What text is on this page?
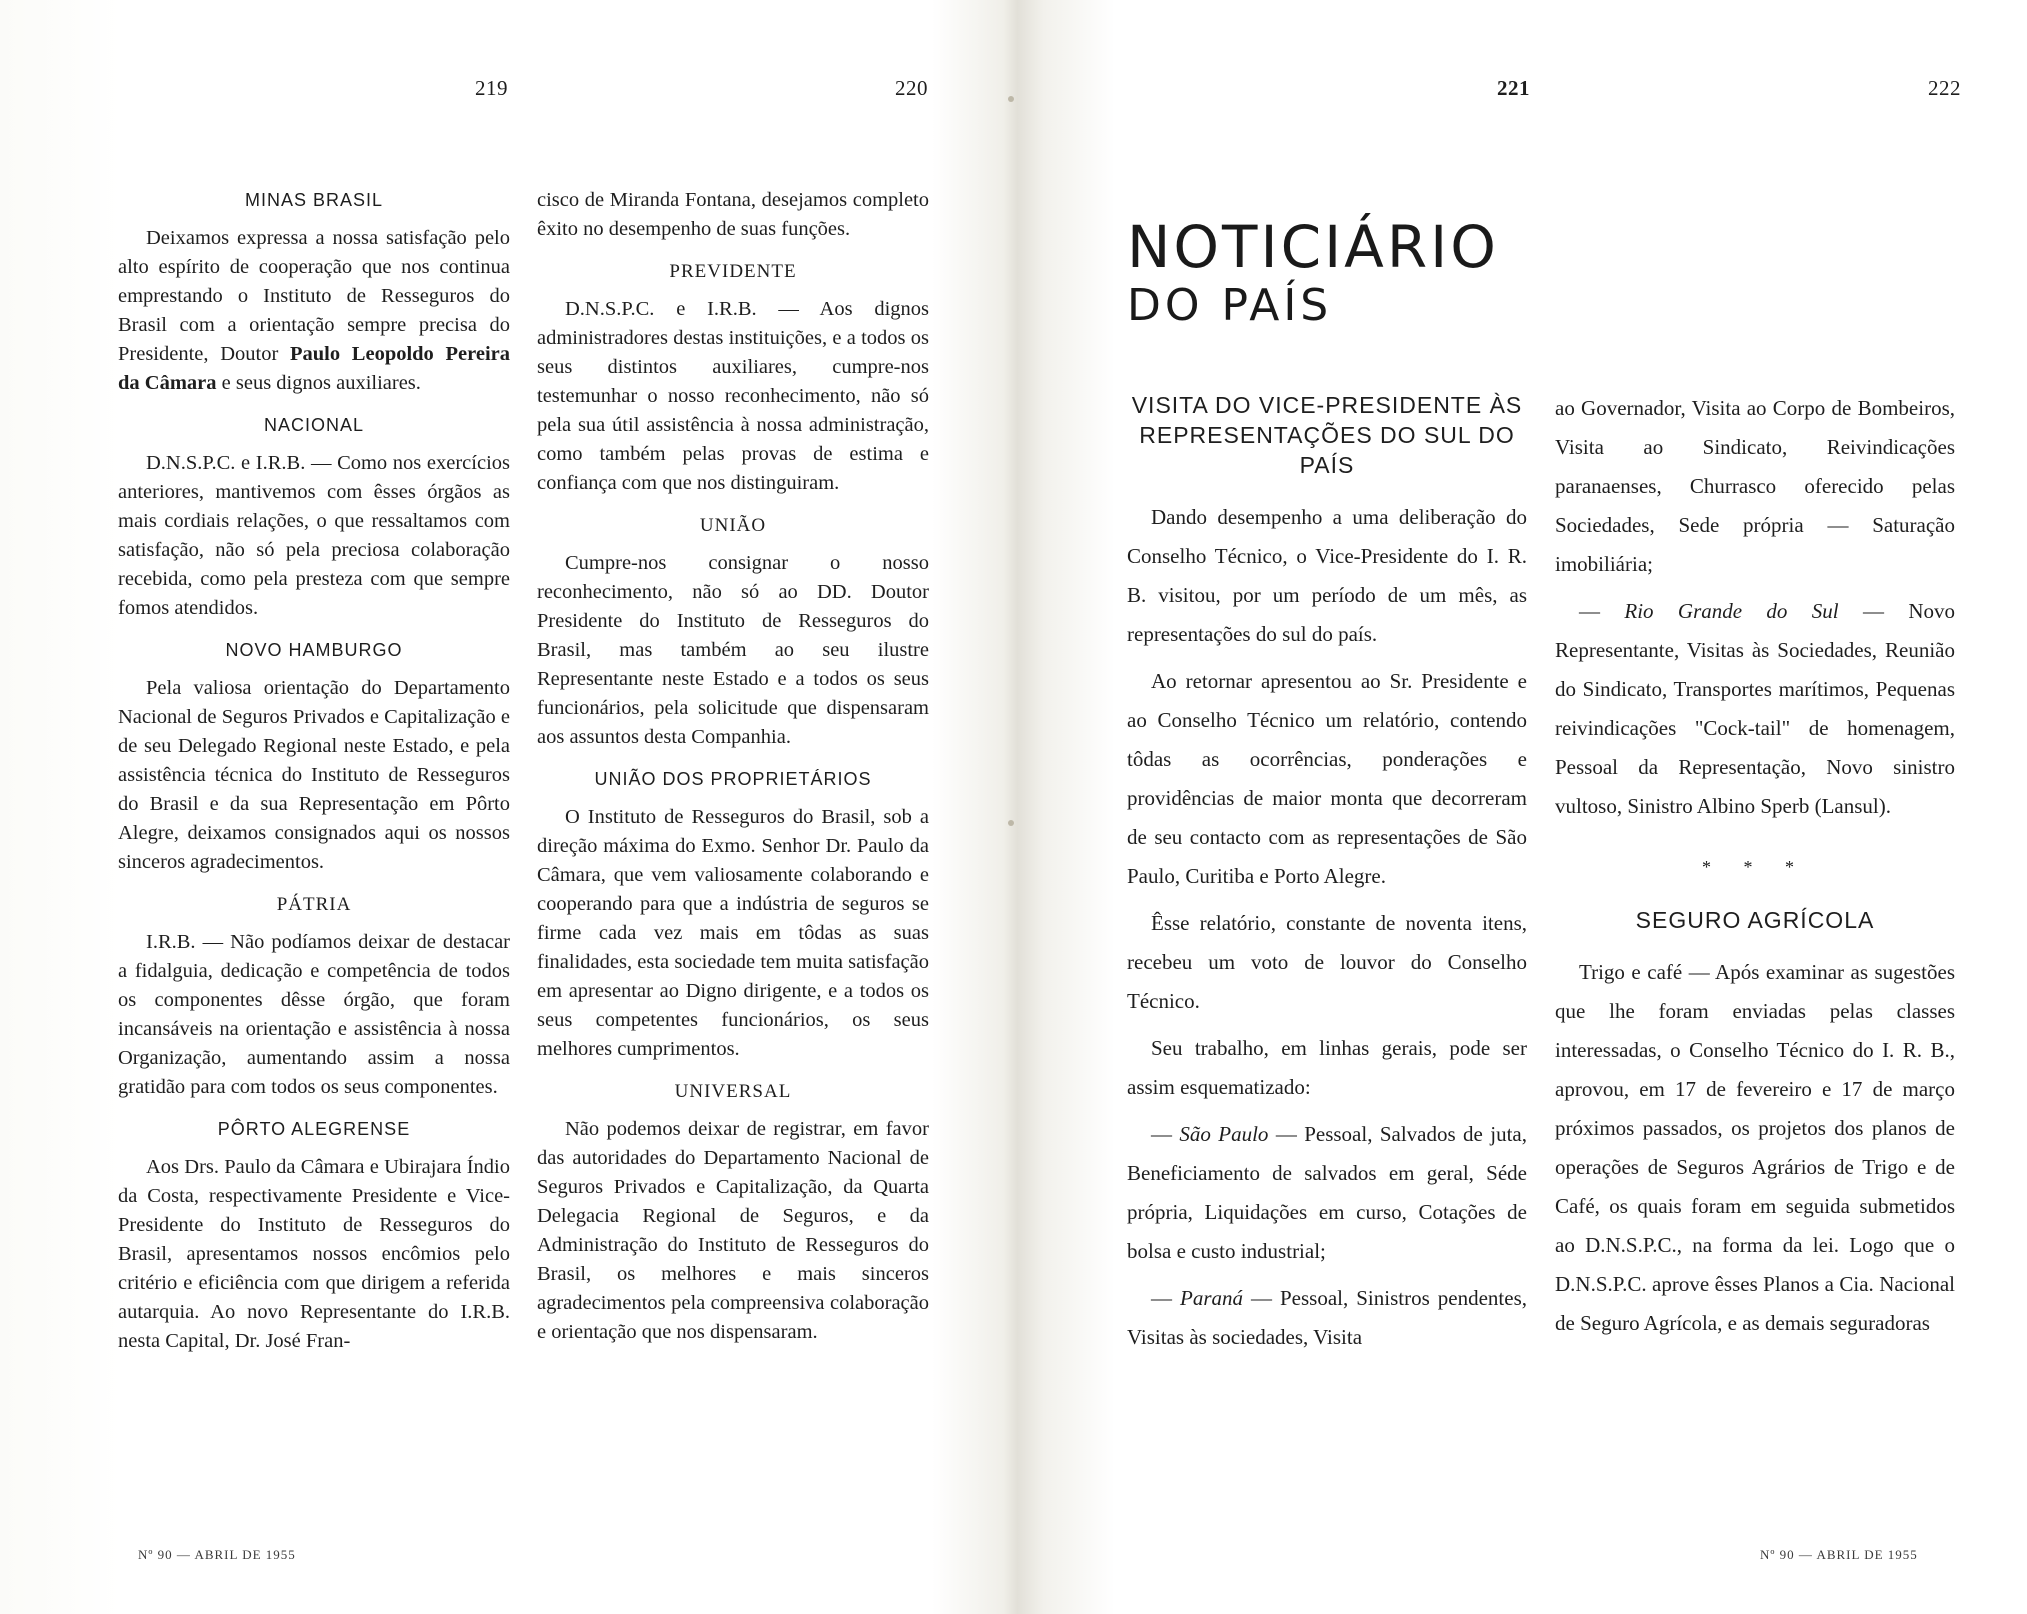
219	220	221	222
MINAS BRASIL

Deixamos expressa a nossa satisfação pelo alto espírito de cooperação que nos continua emprestando o Instituto de Resseguros do Brasil com a orientação sempre precisa do Presidente, Doutor Paulo Leopoldo Pereira da Câmara e seus dignos auxiliares.

NACIONAL

D.N.S.P.C. e I.R.B. — Como nos exercícios anteriores, mantivemos com êsses órgãos as mais cordiais relações, o que ressaltamos com satisfação, não só pela preciosa colaboração recebida, como pela presteza com que sempre fomos atendidos.

NOVO HAMBURGO

Pela valiosa orientação do Departamento Nacional de Seguros Privados e Capitalização e de seu Delegado Regional neste Estado, e pela assistência técnica do Instituto de Resseguros do Brasil e da sua Representação em Pôrto Alegre, deixamos consignados aqui os nossos sinceros agradecimentos.

PÁTRIA

I.R.B. — Não podíamos deixar de destacar a fidalguia, dedicação e competência de todos os componentes dêsse órgão, que foram incansáveis na orientação e assistência à nossa Organização, aumentando assim a nossa gratidão para com todos os seus componentes.

PÔRTO ALEGRENSE

Aos Drs. Paulo da Câmara e Ubirajara Índio da Costa, respectivamente Presidente e Vice-Presidente do Instituto de Resseguros do Brasil, apresentamos nossos encômios pelo critério e eficiência com que dirigem a referida autarquia. Ao novo Representante do I.R.B. nesta Capital, Dr. José Fran-

cisco de Miranda Fontana, desejamos completo êxito no desempenho de suas funções.

PREVIDENTE

D.N.S.P.C. e I.R.B. — Aos dignos administradores destas instituições, e a todos os seus distintos auxiliares, cumpre-nos testemunhar o nosso reconhecimento, não só pela sua útil assistência à nossa administração, como também pelas provas de estima e confiança com que nos distinguiram.

UNIÃO

Cumpre-nos consignar o nosso reconhecimento, não só ao DD. Doutor Presidente do Instituto de Resseguros do Brasil, mas também ao seu ilustre Representante neste Estado e a todos os seus funcionários, pela solicitude que dispensaram aos assuntos desta Companhia.

UNIÃO DOS PROPRIETÁRIOS

O Instituto de Resseguros do Brasil, sob a direção máxima do Exmo. Senhor Dr. Paulo da Câmara, que vem valiosamente colaborando e cooperando para que a indústria de seguros se firme cada vez mais em tôdas as suas finalidades, esta sociedade tem muita satisfação em apresentar ao Digno dirigente, e a todos os seus competentes funcionários, os seus melhores cumprimentos.

UNIVERSAL

Não podemos deixar de registrar, em favor das autoridades do Departamento Nacional de Seguros Privados e Capitalização, da Quarta Delegacia Regional de Seguros, e da Administração do Instituto de Resseguros do Brasil, os melhores e mais sinceros agradecimentos pela compreensiva colaboração e orientação que nos dispensaram.

NOTICIÁRIO
DO PAÍS
VISITA DO VICE-PRESIDENTE ÀS REPRESENTAÇÕES DO SUL DO PAÍS

Dando desempenho a uma deliberação do Conselho Técnico, o Vice-Presidente do I. R. B. visitou, por um período de um mês, as representações do sul do país.

Ao retornar apresentou ao Sr. Presidente e ao Conselho Técnico um relatório, contendo tôdas as ocorrências, ponderações e providências de maior monta que decorreram de seu contacto com as representações de São Paulo, Curitiba e Porto Alegre.

Êsse relatório, constante de noventa itens, recebeu um voto de louvor do Conselho Técnico.

Seu trabalho, em linhas gerais, pode ser assim esquematizado:

— São Paulo — Pessoal, Salvados de juta, Beneficiamento de salvados em geral, Séde própria, Liquidações em curso, Cotações de bolsa e custo industrial;

— Paraná — Pessoal, Sinistros pendentes, Visitas às sociedades, Visita

ao Governador, Visita ao Corpo de Bombeiros, Visita ao Sindicato, Reivindicações paranaenses, Churrasco oferecido pelas Sociedades, Sede própria — Saturação imobiliária;

— Rio Grande do Sul — Novo Representante, Visitas às Sociedades, Reunião do Sindicato, Transportes marítimos, Pequenas reivindicações "Cock-tail" de homenagem, Pessoal da Representação, Novo sinistro vultoso, Sinistro Albino Sperb (Lansul).

* * *
SEGURO AGRÍCOLA

Trigo e café — Após examinar as sugestões que lhe foram enviadas pelas classes interessadas, o Conselho Técnico do I. R. B., aprovou, em 17 de fevereiro e 17 de março próximos passados, os projetos dos planos de operações de Seguros Agrários de Trigo e de Café, os quais foram em seguida submetidos ao D.N.S.P.C., na forma da lei. Logo que o D.N.S.P.C. aprove êsses Planos a Cia. Nacional de Seguro Agrícola, e as demais seguradoras

Nº 90 — ABRIL DE 1955	Nº 90 — ABRIL DE 1955
